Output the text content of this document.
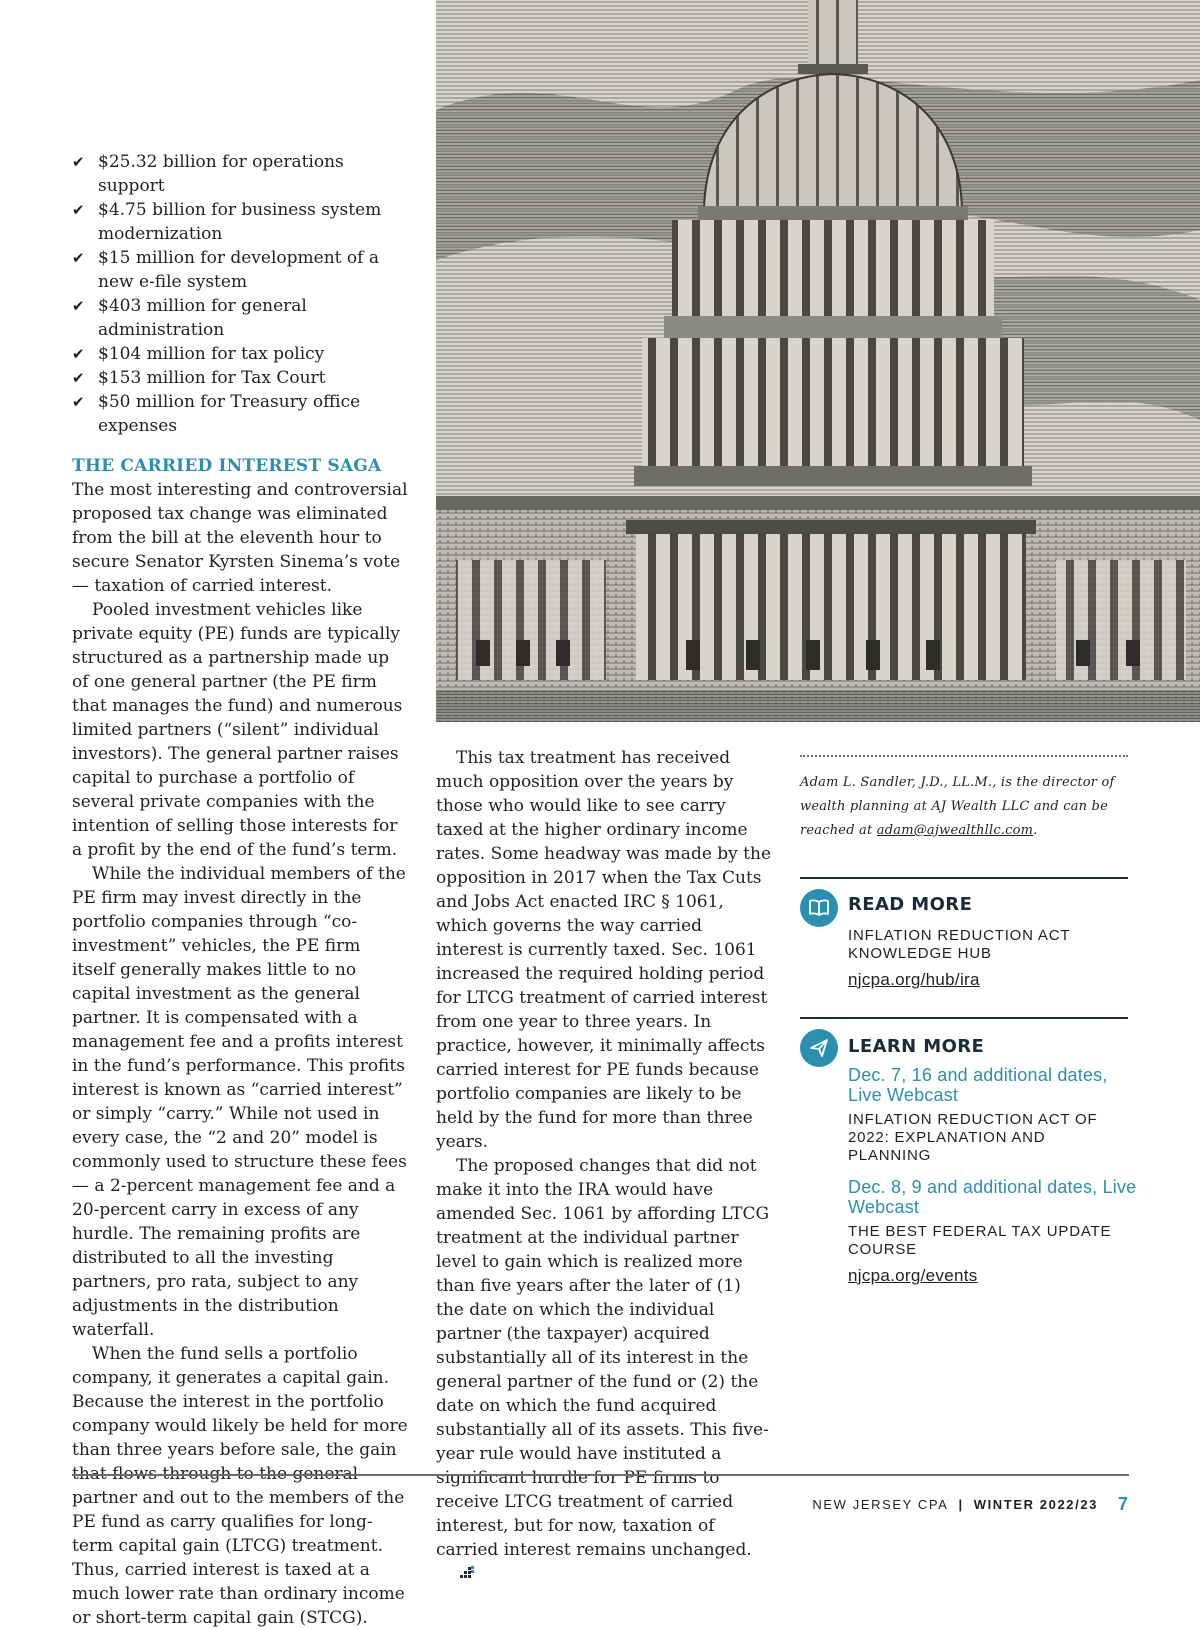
✔ $25.32 billion for operations support
✔ $4.75 billion for business system modernization
✔ $15 million for development of a new e-file system
✔ $403 million for general administration
✔ $104 million for tax policy
✔ $153 million for Tax Court
✔ $50 million for Treasury office expenses
THE CARRIED INTEREST SAGA

The most interesting and controversial proposed tax change was eliminated from the bill at the eleventh hour to secure Senator Kyrsten Sinema’s vote — taxation of carried interest.

Pooled investment vehicles like private equity (PE) funds are typically structured as a partnership made up of one general partner (the PE firm that manages the fund) and numerous limited partners (“silent” individual investors). The general partner raises capital to purchase a portfolio of several private companies with the intention of selling those interests for a profit by the end of the fund’s term.

While the individual members of the PE firm may invest directly in the portfolio companies through “co-investment” vehicles, the PE firm itself generally makes little to no capital investment as the general partner. It is compensated with a management fee and a profits interest in the fund’s performance. This profits interest is known as “carried interest” or simply “carry.” While not used in every case, the “2 and 20” model is commonly used to structure these fees — a 2-percent management fee and a 20-percent carry in excess of any hurdle. The remaining profits are distributed to all the investing partners, pro rata, subject to any adjustments in the distribution waterfall.

When the fund sells a portfolio company, it generates a capital gain. Because the interest in the portfolio company would likely be held for more than three years before sale, the gain that flows through to the general partner and out to the members of the PE fund as carry qualifies for long-term capital gain (LTCG) treatment. Thus, carried interest is taxed at a much lower rate than ordinary income or short-term capital gain (STCG).

This tax treatment has received much opposition over the years by those who would like to see carry taxed at the higher ordinary income rates. Some headway was made by the opposition in 2017 when the Tax Cuts and Jobs Act enacted IRC § 1061, which governs the way carried interest is currently taxed. Sec. 1061 increased the required holding period for LTCG treatment of carried interest from one year to three years. In practice, however, it minimally affects carried interest for PE funds because portfolio companies are likely to be held by the fund for more than three years.

The proposed changes that did not make it into the IRA would have amended Sec. 1061 by affording LTCG treatment at the individual partner level to gain which is realized more than five years after the later of (1) the date on which the individual partner (the taxpayer) acquired substantially all of its interest in the general partner of the fund or (2) the date on which the fund acquired substantially all of its assets. This five-year rule would have instituted a significant hurdle for PE firms to receive LTCG treatment of carried interest, but for now, taxation of carried interest remains unchanged.

Adam L. Sandler, J.D., LL.M., is the director of wealth planning at AJ Wealth LLC and can be reached at adam@ajwealthllc.com.
READ MORE
INFLATION REDUCTION ACT KNOWLEDGE HUB
njcpa.org/hub/ira
LEARN MORE
Dec. 7, 16 and additional dates, Live Webcast
INFLATION REDUCTION ACT OF 2022: EXPLANATION AND PLANNING
Dec. 8, 9 and additional dates, Live Webcast
THE BEST FEDERAL TAX UPDATE COURSE
njcpa.org/events
NEW JERSEY CPA | WINTER 2022/23 7
